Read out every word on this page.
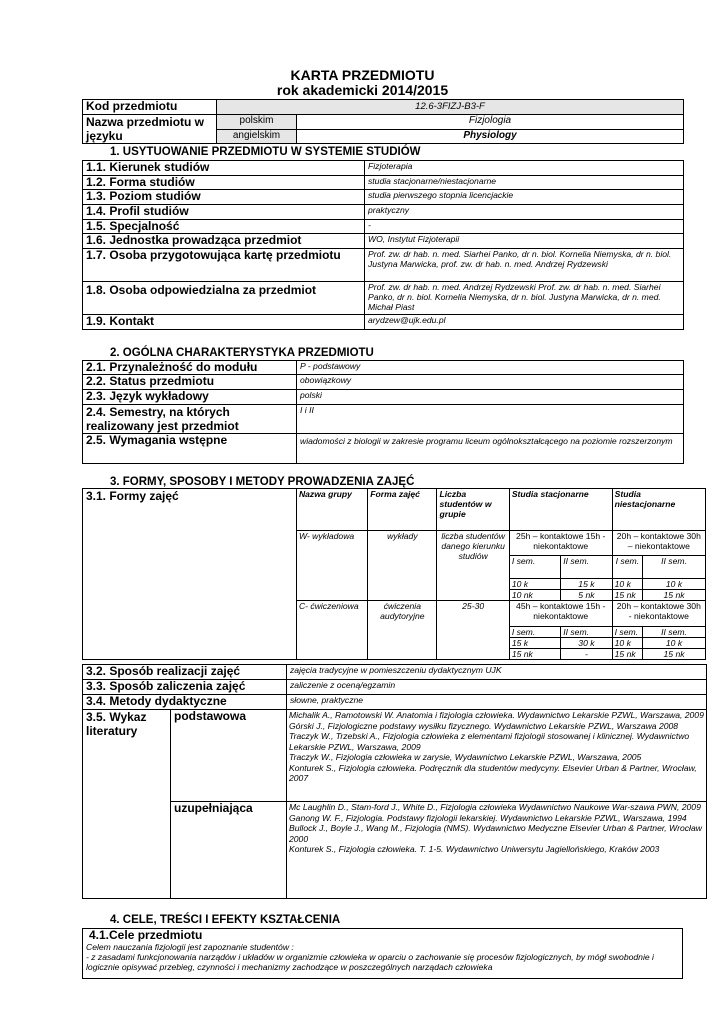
KARTA PRZEDMIOTU
rok akademicki 2014/2015
Kod przedmiotu	12.6-3FIZJ-B3-F	
Nazwa przedmiotu w języku	polskim	Fizjologia
	angielskim	Physiology
1. USYTUOWANIE PRZEDMIOTU W SYSTEMIE STUDIÓW
1.1. Kierunek studiów	Fizjoterapia
1.2. Forma studiów	studia stacjonarne/niestacjonarne
1.3. Poziom studiów	studia pierwszego stopnia licencjackie
1.4. Profil studiów	praktyczny
1.5. Specjalność	-
1.6. Jednostka prowadząca przedmiot	WO, Instytut Fizjoterapii
1.7. Osoba przygotowująca kartę przedmiotu	Prof. zw. dr hab. n. med. Siarhei Panko, dr n. biol. Kornelia Niemyska, dr n. biol. Justyna Marwicka, prof. zw. dr hab. n. med. Andrzej Rydzewski
1.8. Osoba odpowiedzialna za przedmiot	Prof. zw. dr hab. n. med. Andrzej Rydzewski Prof. zw. dr hab. n. med. Siarhei Panko, dr n. biol. Kornelia Niemyska, dr n. biol. Justyna Marwicka, dr n. med. Michał Piast
1.9. Kontakt	arydzew@ujk.edu.pl
2. OGÓLNA CHARAKTERYSTYKA PRZEDMIOTU
2.1. Przynależność do modułu	P - podstawowy
2.2. Status przedmiotu	obowiązkowy
2.3. Język wykładowy	polski
2.4. Semestry, na których realizowany jest przedmiot	I i II
2.5. Wymagania wstępne	wiadomości z biologii w zakresie programu liceum ogólnokształcącego na poziomie rozszerzonym
3. FORMY, SPOSOBY I METODY PROWADZENIA ZAJĘĆ
3.1. Formy zajęć		Nazwa grupy	Forma zajęć	Liczba studentów w grupie	Studia stacjonarne		Studia niestacjonarne	
		W- wykładowa	wykłady	liczba studentów danego kierunku studiów	25h – kontaktowe 15h - niekontaktowe		20h – kontaktowe 30h – niekontaktowe	
					I sem.	II sem.	I sem.	II sem.
					10 k	15 k	10 k	10 k
					10 nk	5 nk	15 nk	15 nk
		C- ćwiczeniowa	ćwiczenia audytoryjne	25-30	45h – kontaktowe 15h - niekontaktowe		20h – kontaktowe 30h - niekontaktowe	
					I sem.	II sem.	I sem.	II sem.
					15 k	30 k	10 k	10 k
					15 nk	-	15 nk	15 nk
3.2. Sposób realizacji zajęć	zajęcia tradycyjne w pomieszczeniu dydaktycznym UJK
3.3. Sposób zaliczenia zajęć	zaliczenie z oceną/egzamin
3.4. Metody dydaktyczne	słowne, praktyczne
3.5. Wykaz literatury	podstawowa	Michalik A., Ramotowski W. Anatomia i fizjologia człowieka. Wydawnictwo Lekarskie PZWL, Warszawa, 2009

Górski J., Fizjologiczne podstawy wysiłku fizycznego. Wydawnictwo Lekarskie PZWL, Warszawa 2008

Traczyk W., Trzebski A., Fizjologia człowieka z elementami fizjologii stosowanej i klinicznej. Wydawnictwo Lekarskie PZWL, Warszawa, 2009

Traczyk W., Fizjologia człowieka w zarysie, Wydawnictwo Lekarskie PZWL, Warszawa, 2005

Konturek S., Fizjologia człowieka. Podręcznik dla studentów medycyny. Elsevier Urban & Partner, Wrocław, 2007

	uzupełniająca	Mc Laughlin D., Stam-ford J., White D., Fizjologia człowieka Wydawnictwo Naukowe War-szawa PWN, 2009

Ganong W. F., Fizjologia. Podstawy fizjologii lekarskiej. Wydawnictwo Lekarskie PZWL, Warszawa, 1994

Bullock J., Boyle J., Wang M., Fizjologia (NMS). Wydawnictwo Medyczne Elsevier Urban & Partner, Wrocław 2000

Konturek S., Fizjologia człowieka. T. 1-5. Wydawnictwo Uniwersytu Jagiellońskiego, Kraków 2003

4. CELE, TREŚCI I EFEKTY KSZTAŁCENIA
4.1.Cele przedmiotu
Celem nauczania fizjologii jest zapoznanie studentów :
- z zasadami funkcjonowania narządów i układów w organizmie człowieka w oparciu o zachowanie się procesów fizjologicznych, by mógł swobodnie i logicznie opisywać przebieg, czynności i mechanizmy zachodzące w poszczególnych narządach człowieka
